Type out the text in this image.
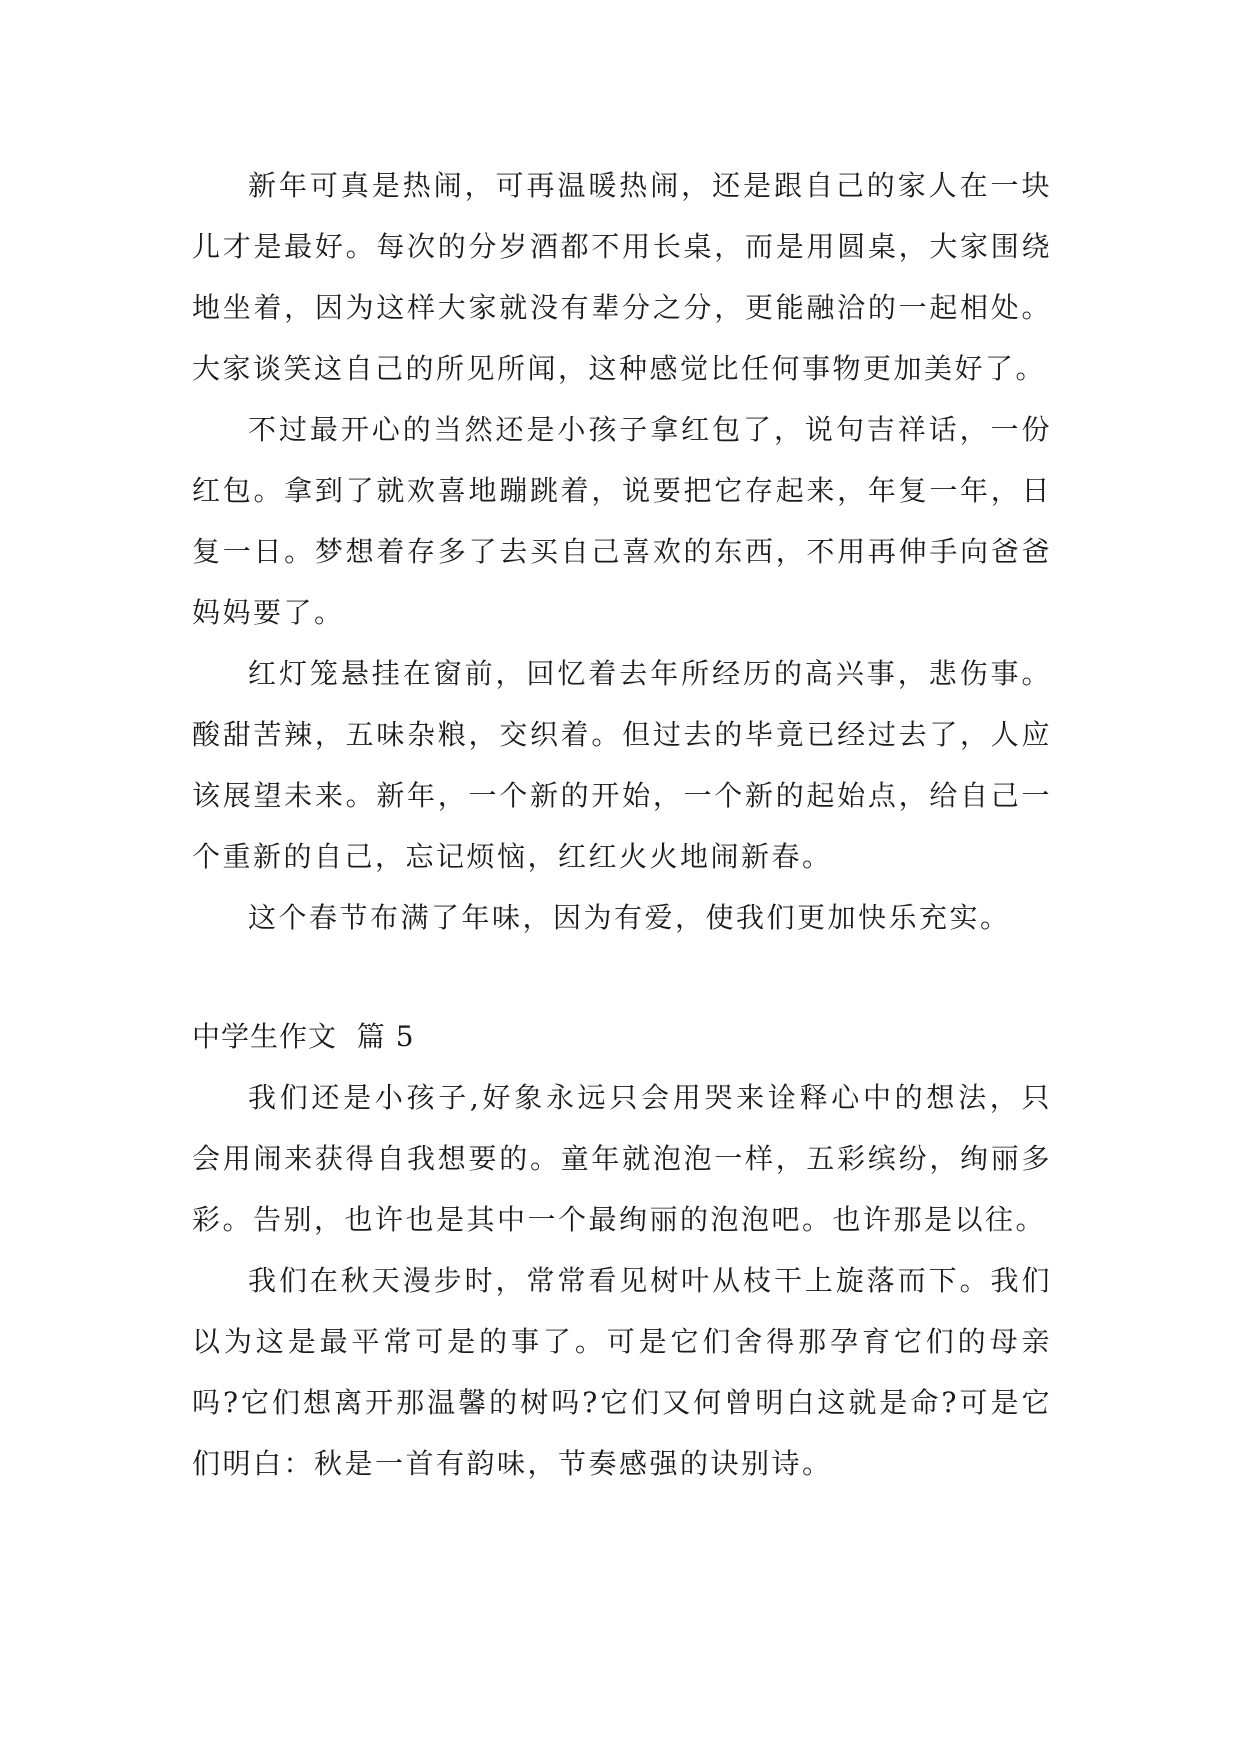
新年可真是热闹，可再温暖热闹，还是跟自己的家人在一块儿才是最好。每次的分岁酒都不用长桌，而是用圆桌，大家围绕地坐着，因为这样大家就没有辈分之分，更能融洽的一起相处。大家谈笑这自己的所见所闻，这种感觉比任何事物更加美好了。

不过最开心的当然还是小孩子拿红包了，说句吉祥话，一份红包。拿到了就欢喜地蹦跳着，说要把它存起来，年复一年，日复一日。梦想着存多了去买自己喜欢的东西，不用再伸手向爸爸妈妈要了。

红灯笼悬挂在窗前，回忆着去年所经历的高兴事，悲伤事。酸甜苦辣，五味杂粮，交织着。但过去的毕竟已经过去了，人应该展望未来。新年，一个新的开始，一个新的起始点，给自己一个重新的自己，忘记烦恼，红红火火地闹新春。

这个春节布满了年味，因为有爱，使我们更加快乐充实。

中学生作文  篇 5

我们还是小孩子,好象永远只会用哭来诠释心中的想法，只会用闹来获得自我想要的。童年就泡泡一样，五彩缤纷，绚丽多彩。告别，也许也是其中一个最绚丽的泡泡吧。也许那是以往。

我们在秋天漫步时，常常看见树叶从枝干上旋落而下。我们以为这是最平常可是的事了。可是它们舍得那孕育它们的母亲吗?它们想离开那温馨的树吗?它们又何曾明白这就是命?可是它们明白：秋是一首有韵味，节奏感强的诀别诗。
